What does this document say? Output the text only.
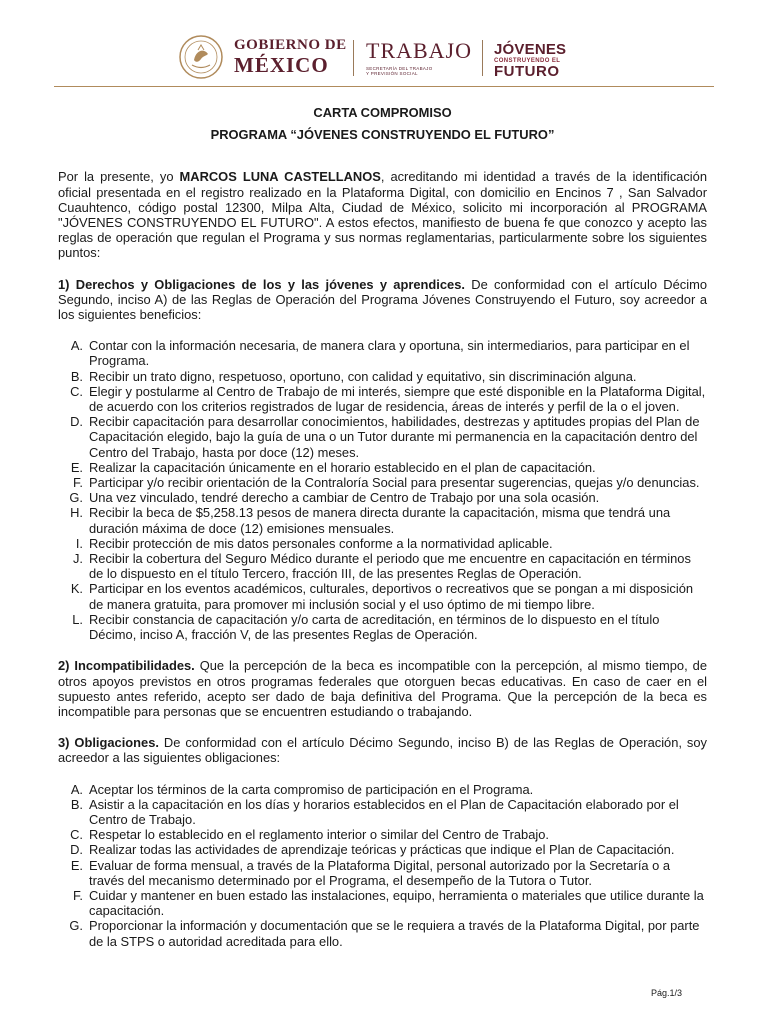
GOBIERNO DE
MÉXICO
TRABAJO
SECRETARÍA DEL TRABAJO
Y PREVISIÓN SOCIAL
JÓVENES
CONSTRUYENDO EL
FUTURO
CARTA COMPROMISO
PROGRAMA “JÓVENES CONSTRUYENDO EL FUTURO”

Por la presente, yo MARCOS LUNA CASTELLANOS, acreditando mi identidad a través de la identificación oficial presentada en el registro realizado en la Plataforma Digital, con domicilio en Encinos 7 , San Salvador Cuauhtenco, código postal 12300, Milpa Alta, Ciudad de México, solicito mi incorporación al PROGRAMA "JÓVENES CONSTRUYENDO EL FUTURO". A estos efectos, manifiesto de buena fe que conozco y acepto las reglas de operación que regulan el Programa y sus normas reglamentarias, particularmente sobre los siguientes puntos:

1) Derechos y Obligaciones de los y las jóvenes y aprendices. De conformidad con el artículo Décimo Segundo, inciso A) de las Reglas de Operación del Programa Jóvenes Construyendo el Futuro, soy acreedor a los siguientes beneficios:

A. Contar con la información necesaria, de manera clara y oportuna, sin intermediarios, para participar en el Programa.
B. Recibir un trato digno, respetuoso, oportuno, con calidad y equitativo, sin discriminación alguna.
C. Elegir y postularme al Centro de Trabajo de mi interés, siempre que esté disponible en la Plataforma Digital, de acuerdo con los criterios registrados de lugar de residencia, áreas de interés y perfil de la o el joven.
D. Recibir capacitación para desarrollar conocimientos, habilidades, destrezas y aptitudes propias del Plan de Capacitación elegido, bajo la guía de una o un Tutor durante mi permanencia en la capacitación dentro del Centro del Trabajo, hasta por doce (12) meses.
E. Realizar la capacitación únicamente en el horario establecido en el plan de capacitación.
F. Participar y/o recibir orientación de la Contraloría Social para presentar sugerencias, quejas y/o denuncias.
G. Una vez vinculado, tendré derecho a cambiar de Centro de Trabajo por una sola ocasión.
H. Recibir la beca de $5,258.13 pesos de manera directa durante la capacitación, misma que tendrá una duración máxima de doce (12) emisiones mensuales.
I. Recibir protección de mis datos personales conforme a la normatividad aplicable.
J. Recibir la cobertura del Seguro Médico durante el periodo que me encuentre en capacitación en términos de lo dispuesto en el título Tercero, fracción III, de las presentes Reglas de Operación.
K. Participar en los eventos académicos, culturales, deportivos o recreativos que se pongan a mi disposición de manera gratuita, para promover mi inclusión social y el uso óptimo de mi tiempo libre.
L. Recibir constancia de capacitación y/o carta de acreditación, en términos de lo dispuesto en el título Décimo, inciso A, fracción V, de las presentes Reglas de Operación.

2) Incompatibilidades. Que la percepción de la beca es incompatible con la percepción, al mismo tiempo, de otros apoyos previstos en otros programas federales que otorguen becas educativas. En caso de caer en el supuesto antes referido, acepto ser dado de baja definitiva del Programa. Que la percepción de la beca es incompatible para personas que se encuentren estudiando o trabajando.

3) Obligaciones. De conformidad con el artículo Décimo Segundo, inciso B) de las Reglas de Operación, soy acreedor a las siguientes obligaciones:

A. Aceptar los términos de la carta compromiso de participación en el Programa.
B. Asistir a la capacitación en los días y horarios establecidos en el Plan de Capacitación elaborado por el Centro de Trabajo.
C. Respetar lo establecido en el reglamento interior o similar del Centro de Trabajo.
D. Realizar todas las actividades de aprendizaje teóricas y prácticas que indique el Plan de Capacitación.
E. Evaluar de forma mensual, a través de la Plataforma Digital, personal autorizado por la Secretaría o a través del mecanismo determinado por el Programa, el desempeño de la Tutora o Tutor.
F. Cuidar y mantener en buen estado las instalaciones, equipo, herramienta o materiales que utilice durante la capacitación.
G. Proporcionar la información y documentación que se le requiera a través de la Plataforma Digital, por parte de la STPS o autoridad acreditada para ello.
Pág.1/3
